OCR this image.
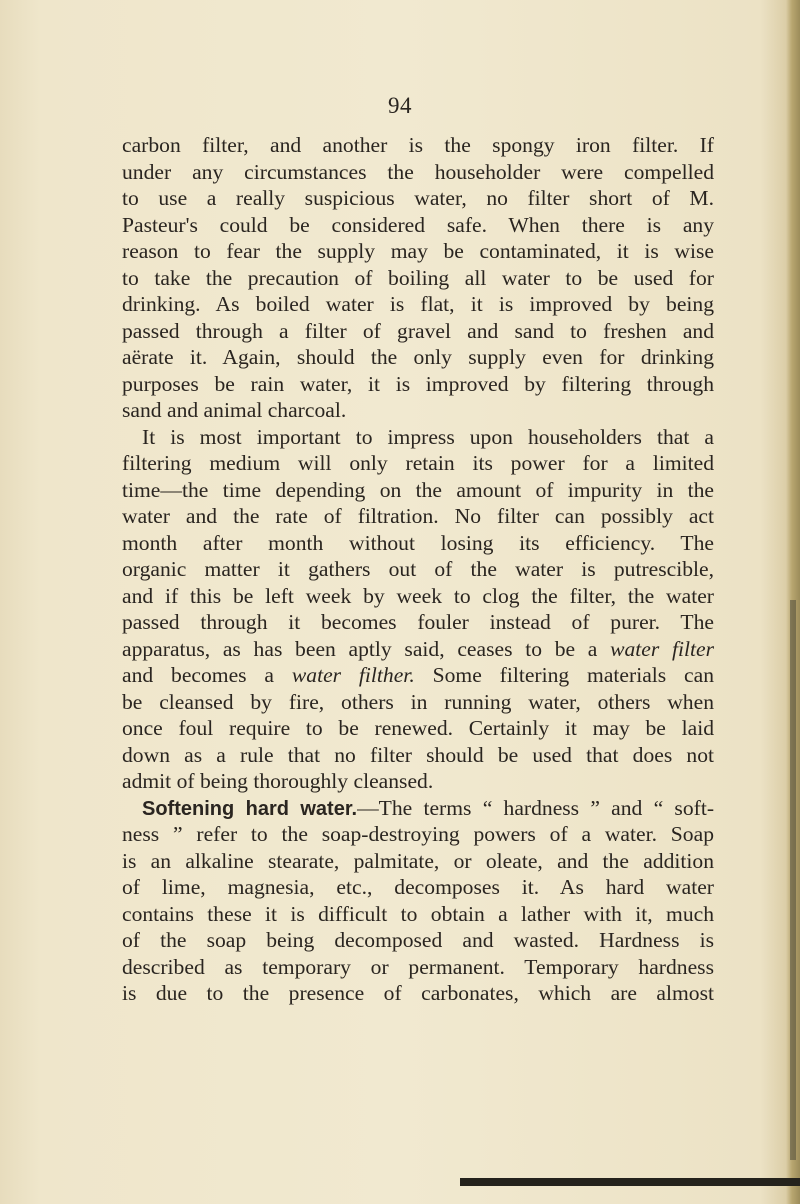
94
carbon filter, and another is the spongy iron filter. If
under any circumstances the householder were compelled
to use a really suspicious water, no filter short of M.
Pasteur's could be considered safe. When there is any
reason to fear the supply may be contaminated, it is wise
to take the precaution of boiling all water to be used for
drinking. As boiled water is flat, it is improved by being
passed through a filter of gravel and sand to freshen and
aërate it. Again, should the only supply even for drinking
purposes be rain water, it is improved by filtering through
sand and animal charcoal.
It is most important to impress upon householders that a
filtering medium will only retain its power for a limited
time—the time depending on the amount of impurity in the
water and the rate of filtration. No filter can possibly act
month after month without losing its efficiency. The
organic matter it gathers out of the water is putrescible,
and if this be left week by week to clog the filter, the water
passed through it becomes fouler instead of purer. The
apparatus, as has been aptly said, ceases to be a water filter
and becomes a water filther. Some filtering materials can
be cleansed by fire, others in running water, others when
once foul require to be renewed. Certainly it may be laid
down as a rule that no filter should be used that does not
admit of being thoroughly cleansed.
Softening hard water.—The terms “ hardness ” and “ soft-
ness ” refer to the soap-destroying powers of a water. Soap
is an alkaline stearate, palmitate, or oleate, and the addition
of lime, magnesia, etc., decomposes it. As hard water
contains these it is difficult to obtain a lather with it, much
of the soap being decomposed and wasted. Hardness is
described as temporary or permanent. Temporary hardness
is due to the presence of carbonates, which are almost
